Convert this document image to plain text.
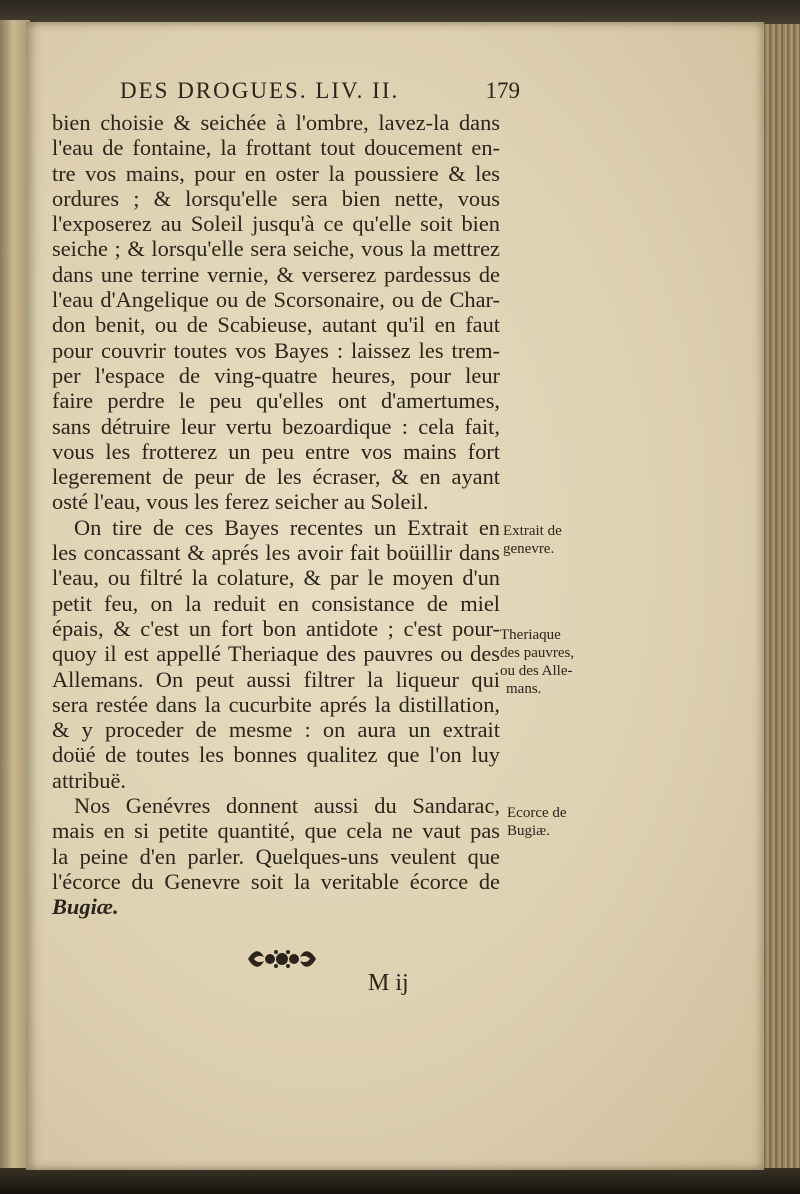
DES DROGUES. LIV. II.	179
bien choisie & seichée à l'ombre, lavez-la dans
l'eau de fontaine, la frottant tout doucement en-
tre vos mains, pour en oster la poussiere & les
ordures ; & lorsqu'elle sera bien nette, vous
l'exposerez au Soleil jusqu'à ce qu'elle soit bien
seiche ; & lorsqu'elle sera seiche, vous la mettrez
dans une terrine vernie, & verserez pardessus de
l'eau d'Angelique ou de Scorsonaire, ou de Char-
don benit, ou de Scabieuse, autant qu'il en faut
pour couvrir toutes vos Bayes : laissez les trem-
per l'espace de ving-quatre heures, pour leur
faire perdre le peu qu'elles ont d'amertumes,
sans détruire leur vertu bezoardique : cela fait,
vous les frotterez un peu entre vos mains fort
legerement de peur de les écraser, & en ayant
osté l'eau, vous les ferez seicher au Soleil.
On tire de ces Bayes recentes un Extrait en
les concassant & aprés les avoir fait boüillir dans
l'eau, ou filtré la colature, & par le moyen d'un
petit feu, on la reduit en consistance de miel
épais, & c'est un fort bon antidote ; c'est pour-
quoy il est appellé Theriaque des pauvres ou des
Allemans. On peut aussi filtrer la liqueur qui
sera restée dans la cucurbite aprés la distillation,
& y proceder de mesme : on aura un extrait
doüé de toutes les bonnes qualitez que l'on luy
attribuë.
Nos Genévres donnent aussi du Sandarac,
mais en si petite quantité, que cela ne vaut pas
la peine d'en parler. Quelques-uns veulent que
l'écorce du Genevre soit la veritable écorce de
Bugiæ.
Extrait de
genevre.
Theriaque
des pauvres,
ou des Alle-
mans.
Ecorce de
Bugiæ.
M ij
